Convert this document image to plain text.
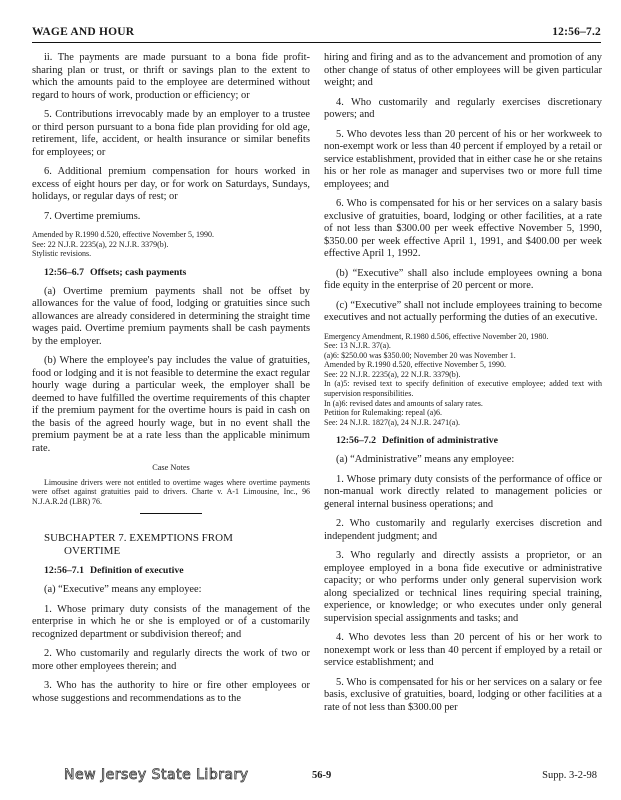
WAGE AND HOUR	12:56–7.2

ii. The payments are made pursuant to a bona fide profit-sharing plan or trust, or thrift or savings plan to the extent to which the amounts paid to the employee are determined without regard to hours of work, production or efficiency; or

5. Contributions irrevocably made by an employer to a trustee or third person pursuant to a bona fide plan providing for old age, retirement, life, accident, or health insurance or similar benefits for employees; or

6. Additional premium compensation for hours worked in excess of eight hours per day, or for work on Saturdays, Sundays, holidays, or regular days of rest; or

7. Overtime premiums.

Amended by R.1990 d.520, effective November 5, 1990.

See: 22 N.J.R. 2235(a), 22 N.J.R. 3379(b).

Stylistic revisions.

12:56–6.7 Offsets; cash payments

(a) Overtime premium payments shall not be offset by allowances for the value of food, lodging or gratuities since such allowances are already considered in determining the straight time wages paid. Overtime premium payments shall be cash payments by the employer.

(b) Where the employee's pay includes the value of gratuities, food or lodging and it is not feasible to determine the exact regular hourly wage during a particular week, the employer shall be deemed to have fulfilled the overtime requirements of this chapter if the premium payment for the overtime hours is paid in cash on the basis of the agreed hourly wage, but in no event shall the premium payment be at a rate less than the applicable minimum rate.

Case Notes

Limousine drivers were not entitled to overtime wages where overtime payments were offset against gratuities paid to drivers. Charte v. A-1 Limousine, Inc., 96 N.J.A.R.2d (LBR) 76.

SUBCHAPTER 7. EXEMPTIONS FROM
OVERTIME

12:56–7.1 Definition of executive

(a) “Executive” means any employee:

1. Whose primary duty consists of the management of the enterprise in which he or she is employed or of a customarily recognized department or subdivision thereof; and

2. Who customarily and regularly directs the work of two or more other employees therein; and

3. Who has the authority to hire or fire other employees or whose suggestions and recommendations as to the

hiring and firing and as to the advancement and promotion of any other change of status of other employees will be given particular weight; and

4. Who customarily and regularly exercises discretionary powers; and

5. Who devotes less than 20 percent of his or her workweek to non-exempt work or less than 40 percent if employed by a retail or service establishment, provided that in either case he or she retains his or her role as manager and supervises two or more full time employees; and

6. Who is compensated for his or her services on a salary basis exclusive of gratuities, board, lodging or other facilities, at a rate of not less than $300.00 per week effective November 5, 1990, $350.00 per week effective April 1, 1991, and $400.00 per week effective April 1, 1992.

(b) “Executive” shall also include employees owning a bona fide equity in the enterprise of 20 percent or more.

(c) “Executive” shall not include employees training to become executives and not actually performing the duties of an executive.

Emergency Amendment, R.1980 d.506, effective November 20, 1980.

See: 13 N.J.R. 37(a).

(a)6: $250.00 was $350.00; November 20 was November 1.

Amended by R.1990 d.520, effective November 5, 1990.

See: 22 N.J.R. 2235(a), 22 N.J.R. 3379(b).

In (a)5: revised text to specify definition of executive employee; added text with supervision responsibilities.

In (a)6: revised dates and amounts of salary rates.

Petition for Rulemaking: repeal (a)6.

See: 24 N.J.R. 1827(a), 24 N.J.R. 2471(a).

12:56–7.2 Definition of administrative

(a) “Administrative” means any employee:

1. Whose primary duty consists of the performance of office or non-manual work directly related to management policies or general internal business operations; and

2. Who customarily and regularly exercises discretion and independent judgment; and

3. Who regularly and directly assists a proprietor, or an employee employed in a bona fide executive or administrative capacity; or who performs under only general supervision work along specialized or technical lines requiring special training, experience, or knowledge; or who executes under only general supervision special assignments and tasks; and

4. Who devotes less than 20 percent of his or her work to nonexempt work or less than 40 percent if employed by a retail or service establishment; and

5. Who is compensated for his or her services on a salary or fee basis, exclusive of gratuities, board, lodging or other facilities at a rate of not less than $300.00 per

New Jersey State Library	56-9	Supp. 3-2-98
